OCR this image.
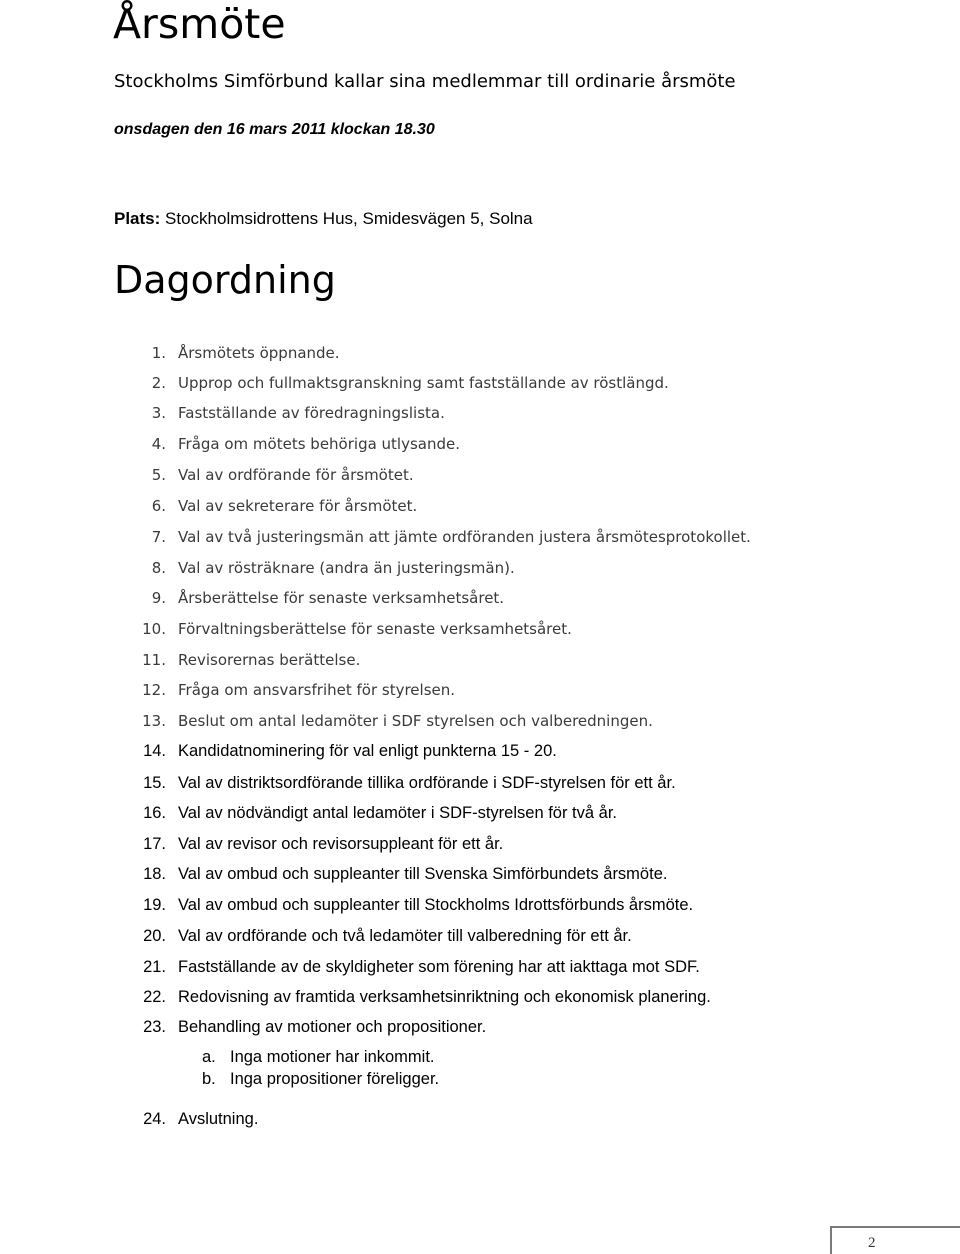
Årsmöte

Stockholms Simförbund kallar sina medlemmar till ordinarie årsmöte

onsdagen den 16 mars 2011 klockan 18.30

Plats: Stockholmsidrottens Hus, Smidesvägen 5, Solna

Dagordning
1. Årsmötets öppnande.
2. Upprop och fullmaktsgranskning samt fastställande av röstlängd.
3. Fastställande av föredragningslista.
4. Fråga om mötets behöriga utlysande.
5. Val av ordförande för årsmötet.
6. Val av sekreterare för årsmötet.
7. Val av två justeringsmän att jämte ordföranden justera årsmötesprotokollet.
8. Val av rösträknare (andra än justeringsmän).
9. Årsberättelse för senaste verksamhetsåret.
10. Förvaltningsberättelse för senaste verksamhetsåret.
11. Revisorernas berättelse.
12. Fråga om ansvarsfrihet för styrelsen.
13. Beslut om antal ledamöter i SDF styrelsen och valberedningen.
14. Kandidatnominering för val enligt punkterna 15 - 20.
15. Val av distriktsordförande tillika ordförande i SDF-styrelsen för ett år.
16. Val av nödvändigt antal ledamöter i SDF-styrelsen för två år.
17. Val av revisor och revisorsuppleant för ett år.
18. Val av ombud och suppleanter till Svenska Simförbundets årsmöte.
19. Val av ombud och suppleanter till Stockholms Idrottsförbunds årsmöte.
20. Val av ordförande och två ledamöter till valberedning för ett år.
21. Fastställande av de skyldigheter som förening har att iakttaga mot SDF.
22. Redovisning av framtida verksamhetsinriktning och ekonomisk planering.
23. Behandling av motioner och propositioner.
a. Inga motioner har inkommit.
b. Inga propositioner föreligger.
24. Avslutning.
2
